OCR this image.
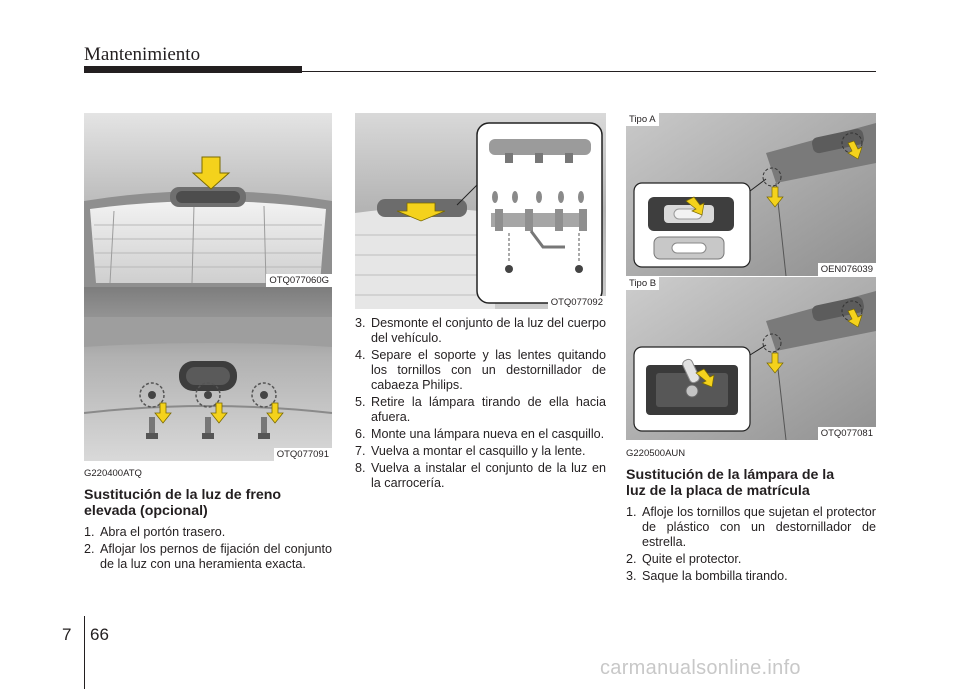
Mantenimiento
OTQ077060G
OTQ077091
OTQ077092
Tipo A
OEN076039
Tipo B
OTQ077081
G220400ATQ
Sustitución de la luz de freno
elevada (opcional)
1. Abra el portón trasero.
2. Aflojar los pernos de fijación del conjunto de la luz con una heramienta exacta.
3. Desmonte el conjunto de la luz del cuerpo del vehículo.
4. Separe el soporte y las lentes quitando los tornillos con un destornillador de cabaeza Philips.
5. Retire la lámpara tirando de ella hacia afuera.
6. Monte una lámpara nueva en el casquillo.
7. Vuelva a montar el casquillo y la lente.
8. Vuelva a instalar el conjunto de la luz en la carrocería.
G220500AUN
Sustitución de la lámpara de la
luz de la placa de matrícula
1. Afloje los tornillos que sujetan el protector de plástico con un destornillador de estrella.
2. Quite el protector.
3. Saque la bombilla tirando.
7 66
carmanualsonline.info
